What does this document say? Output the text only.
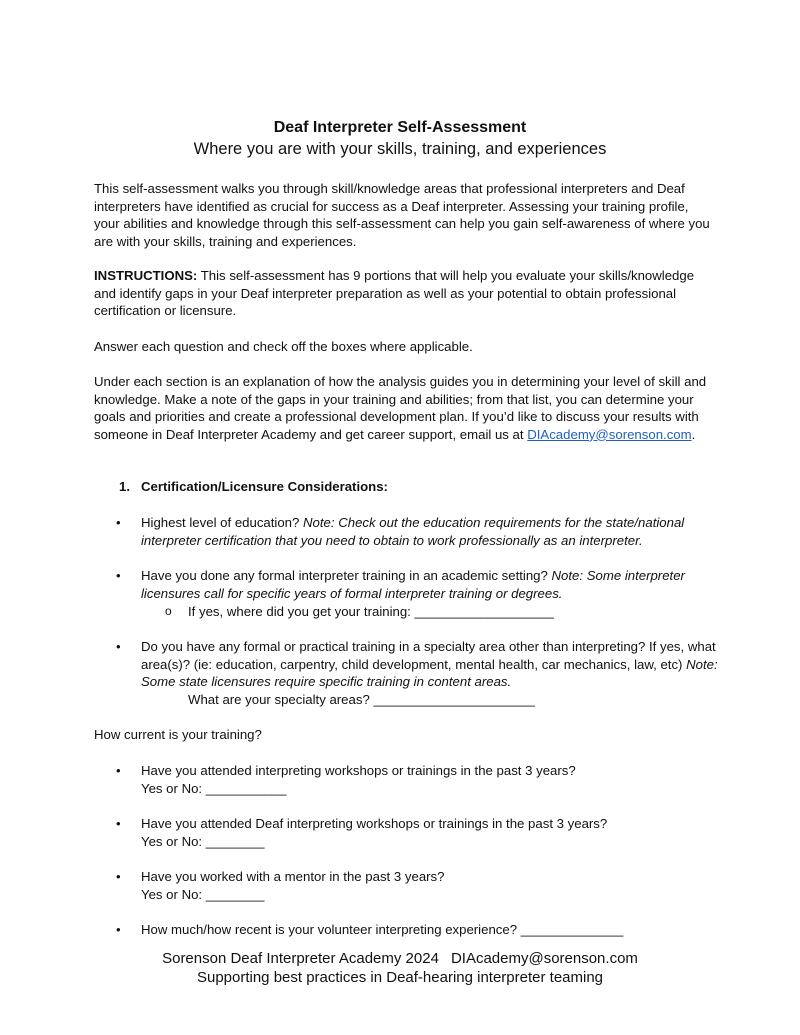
Deaf Interpreter Self-Assessment
Where you are with your skills, training, and experiences

This self-assessment walks you through skill/knowledge areas that professional interpreters and Deaf interpreters have identified as crucial for success as a Deaf interpreter. Assessing your training profile, your abilities and knowledge through this self-assessment can help you gain self-awareness of where you are with your skills, training and experiences.

INSTRUCTIONS: This self-assessment has 9 portions that will help you evaluate your skills/knowledge and identify gaps in your Deaf interpreter preparation as well as your potential to obtain professional certification or licensure.

Answer each question and check off the boxes where applicable.

Under each section is an explanation of how the analysis guides you in determining your level of skill and knowledge. Make a note of the gaps in your training and abilities; from that list, you can determine your goals and priorities and create a professional development plan. If you’d like to discuss your results with someone in Deaf Interpreter Academy and get career support, email us at DIAcademy@sorenson.com.

1. Certification/Licensure Considerations:
• Highest level of education? Note: Check out the education requirements for the state/national interpreter certification that you need to obtain to work professionally as an interpreter.

• Have you done any formal interpreter training in an academic setting? Note: Some interpreter licensures call for specific years of formal interpreter training or degrees.

o If yes, where did you get your training: ___________________
• Do you have any formal or practical training in a specialty area other than interpreting? If yes, what area(s)? (ie: education, carpentry, child development, mental health, car mechanics, law, etc) Note: Some state licensures require specific training in content areas.

What are your specialty areas? ______________________

How current is your training?

• Have you attended interpreting workshops or trainings in the past 3 years?

Yes or No: ___________

• Have you attended Deaf interpreting workshops or trainings in the past 3 years?

Yes or No: ________

• Have you worked with a mentor in the past 3 years?

Yes or No: ________

• How much/how recent is your volunteer interpreting experience? ______________

Sorenson Deaf Interpreter Academy 2024 DIAcademy@sorenson.com
Supporting best practices in Deaf-hearing interpreter teaming
